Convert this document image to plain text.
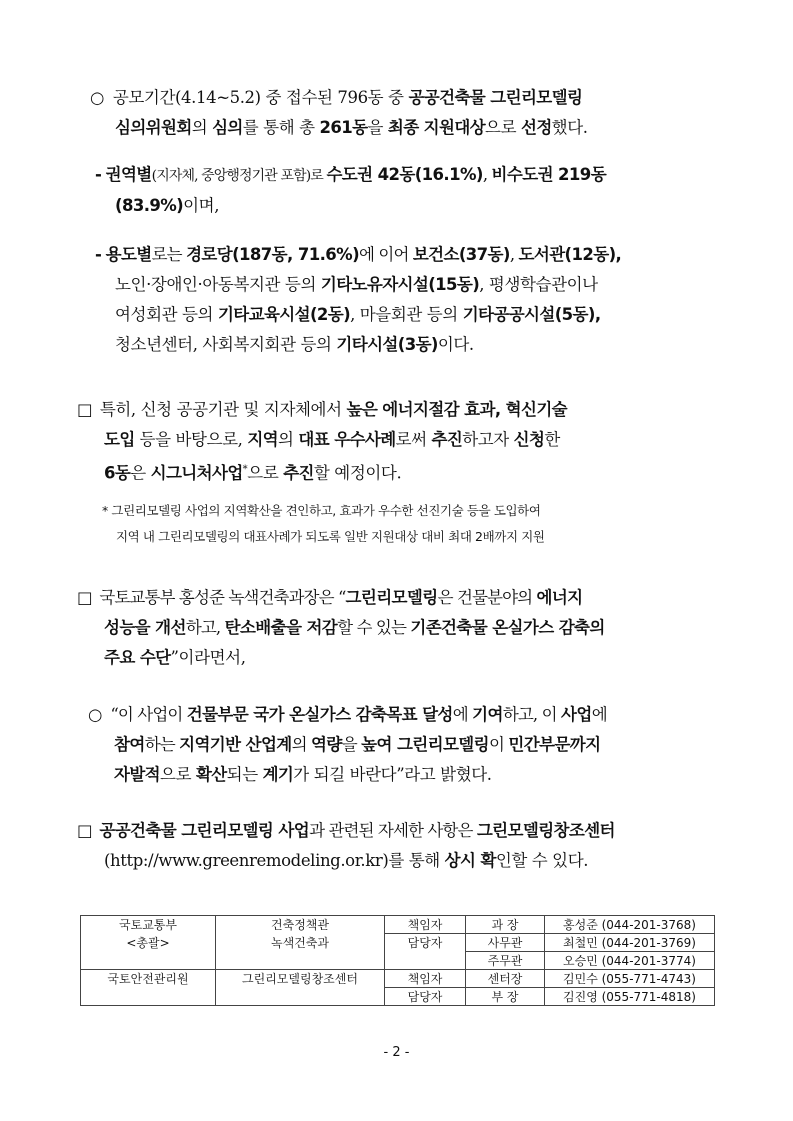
○ 공모기간(4.14~5.2) 중 접수된 796동 중 공공건축물 그린리모델링
심의위원회의 심의를 통해 총 261동을 최종 지원대상으로 선정했다.
- 권역별(지자체, 중앙행정기관 포함)로 수도권 42동(16.1%), 비수도권 219동
(83.9%)이며,
- 용도별로는 경로당(187동, 71.6%)에 이어 보건소(37동), 도서관(12동),
노인·장애인·아동복지관 등의 기타노유자시설(15동), 평생학습관이나
여성회관 등의 기타교육시설(2동), 마을회관 등의 기타공공시설(5동),
청소년센터, 사회복지회관 등의 기타시설(3동)이다.
□ 특히, 신청 공공기관 및 지자체에서 높은 에너지절감 효과, 혁신기술
도입 등을 바탕으로, 지역의 대표 우수사례로써 추진하고자 신청한
6동은 시그니처사업*으로 추진할 예정이다.
* 그린리모델링 사업의 지역확산을 견인하고, 효과가 우수한 선진기술 등을 도입하여
지역 내 그린리모델링의 대표사례가 되도록 일반 지원대상 대비 최대 2배까지 지원
□ 국토교통부 홍성준 녹색건축과장은 “그린리모델링은 건물분야의 에너지
성능을 개선하고, 탄소배출을 저감할 수 있는 기존건축물 온실가스 감축의
주요 수단”이라면서,
○ “이 사업이 건물부문 국가 온실가스 감축목표 달성에 기여하고, 이 사업에
참여하는 지역기반 산업계의 역량을 높여 그린리모델링이 민간부문까지
자발적으로 확산되는 계기가 되길 바란다”라고 밝혔다.
□ 공공건축물 그린리모델링 사업과 관련된 자세한 사항은 그린모델링창조센터
(http://www.greenremodeling.or.kr)를 통해 상시 확인할 수 있다.
국토교통부	건축정책관	책임자	과 장	홍성준 (044-201-3768)
<총괄>	녹색건축과	담당자	사무관	최철민 (044-201-3769)
			주무관	오승민 (044-201-3774)
국토안전관리원	그린리모델링창조센터	책임자	센터장	김민수 (055-771-4743)
		담당자	부 장	김진영 (055-771-4818)
- 2 -
